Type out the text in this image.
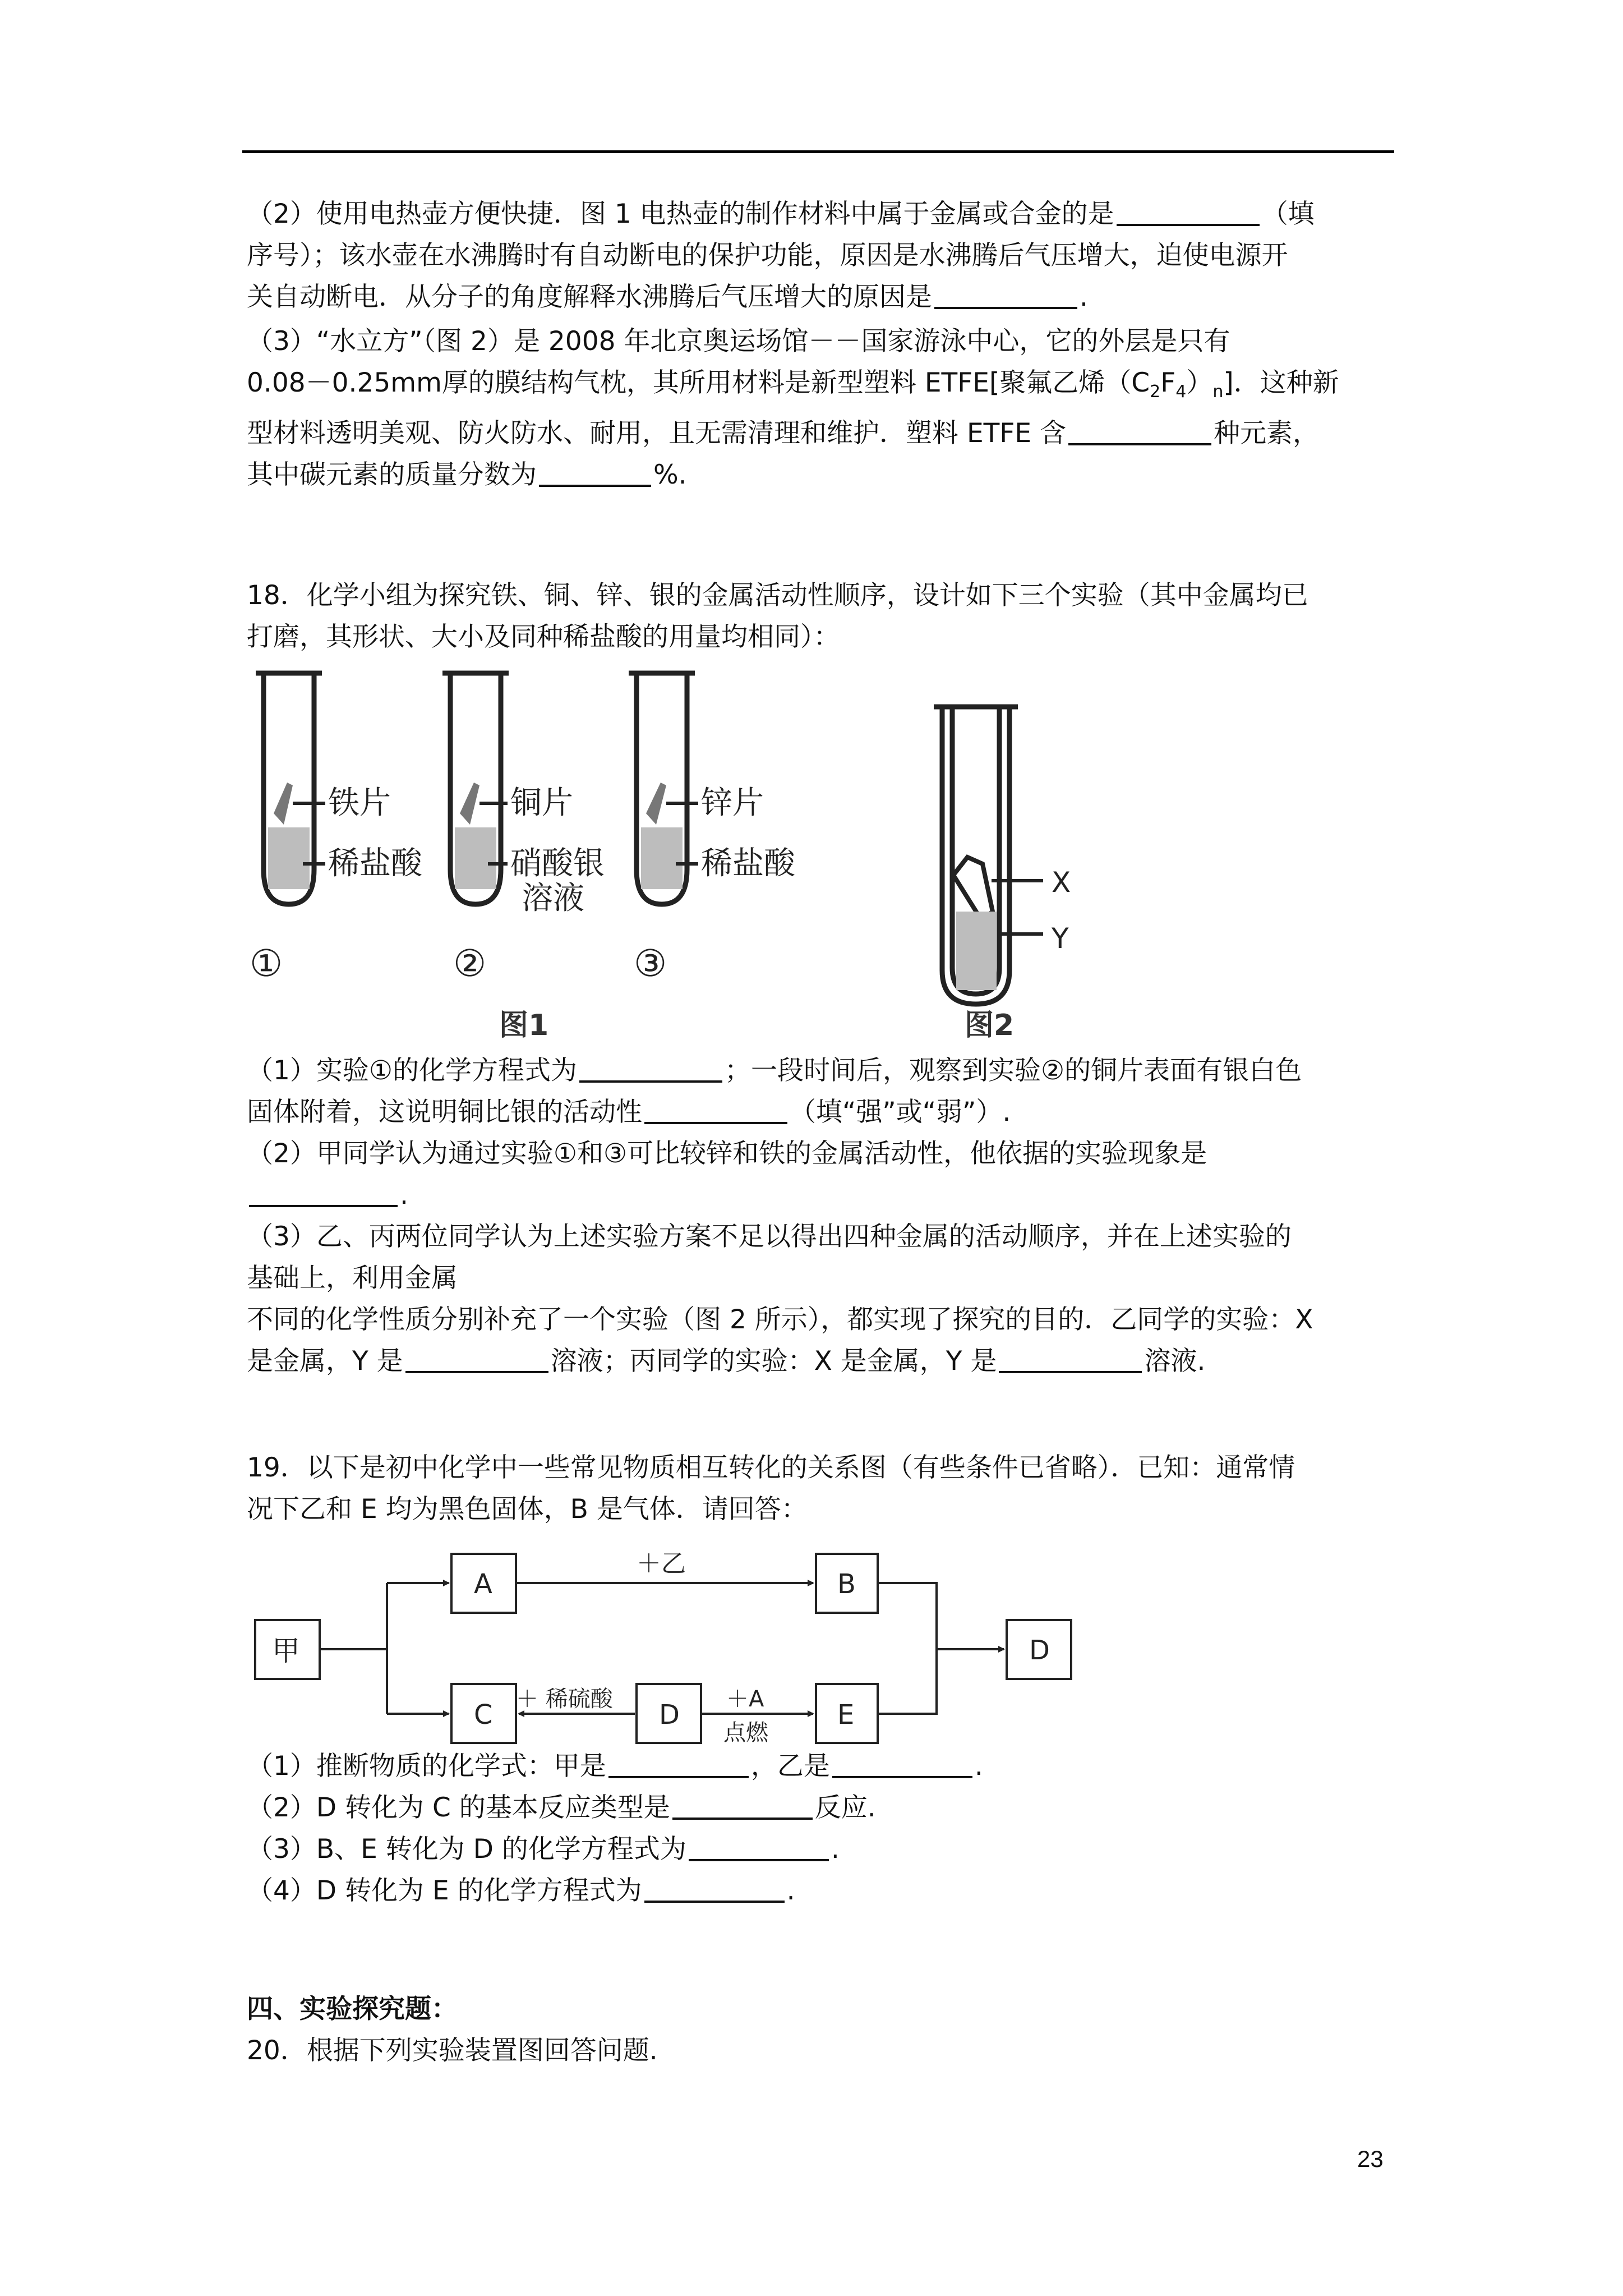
（2）使用电热壶方便快捷．图 1 电热壶的制作材料中属于金属或合金的是	（填
序号）；该水壶在水沸腾时有自动断电的保护功能，原因是水沸腾后气压增大，迫使电源开
关自动断电．从分子的角度解释水沸腾后气压增大的原因是	.
（3）“水立方”（图 2）是 2008 年北京奥运场馆－－国家游泳中心，它的外层是只有
0.08－0.25mm厚的膜结构气枕，其所用材料是新型塑料 ETFE[聚氟乙烯$(C_2F_4)_n$]．这种新
型材料透明美观、防火防水、耐用，且无需清理和维护．塑料 ETFE 含	种元素，
其中碳元素的质量分数为	%.
18．化学小组为探究铁、铜、锌、银的金属活动性顺序，设计如下三个实验（其中金属均已
打磨，其形状、大小及同种稀盐酸的用量均相同）：
铁片
稀盐酸
①
铜片
硝酸银
溶液
②
锌片
稀盐酸
③
图1
X
Y
图2
（1）实验①的化学方程式为	；一段时间后，观察到实验②的铜片表面有银白色
固体附着，这说明铜比银的活动性	（填“强”或“弱”）.
（2）甲同学认为通过实验①和③可比较锌和铁的金属活动性，他依据的实验现象是
.
（3）乙、丙两位同学认为上述实验方案不足以得出四种金属的活动顺序，并在上述实验的
基础上，利用金属
不同的化学性质分别补充了一个实验（图 2 所示），都实现了探究的目的．乙同学的实验：X
是金属，Y 是	溶液；丙同学的实验：X 是金属，Y 是	溶液.
19．以下是初中化学中一些常见物质相互转化的关系图（有些条件已省略）．已知：通常情
况下乙和 E 均为黑色固体，B 是气体．请回答：
甲
A	B
C	D	E
D
＋乙
＋ 稀硫酸	＋A
点燃
（1）推断物质的化学式：甲是	，乙是	.
（2）D 转化为 C 的基本反应类型是	反应.
（3）B、E 转化为 D 的化学方程式为	.
（4）D 转化为 E 的化学方程式为	.
四、实验探究题：
20．根据下列实验装置图回答问题.
23
